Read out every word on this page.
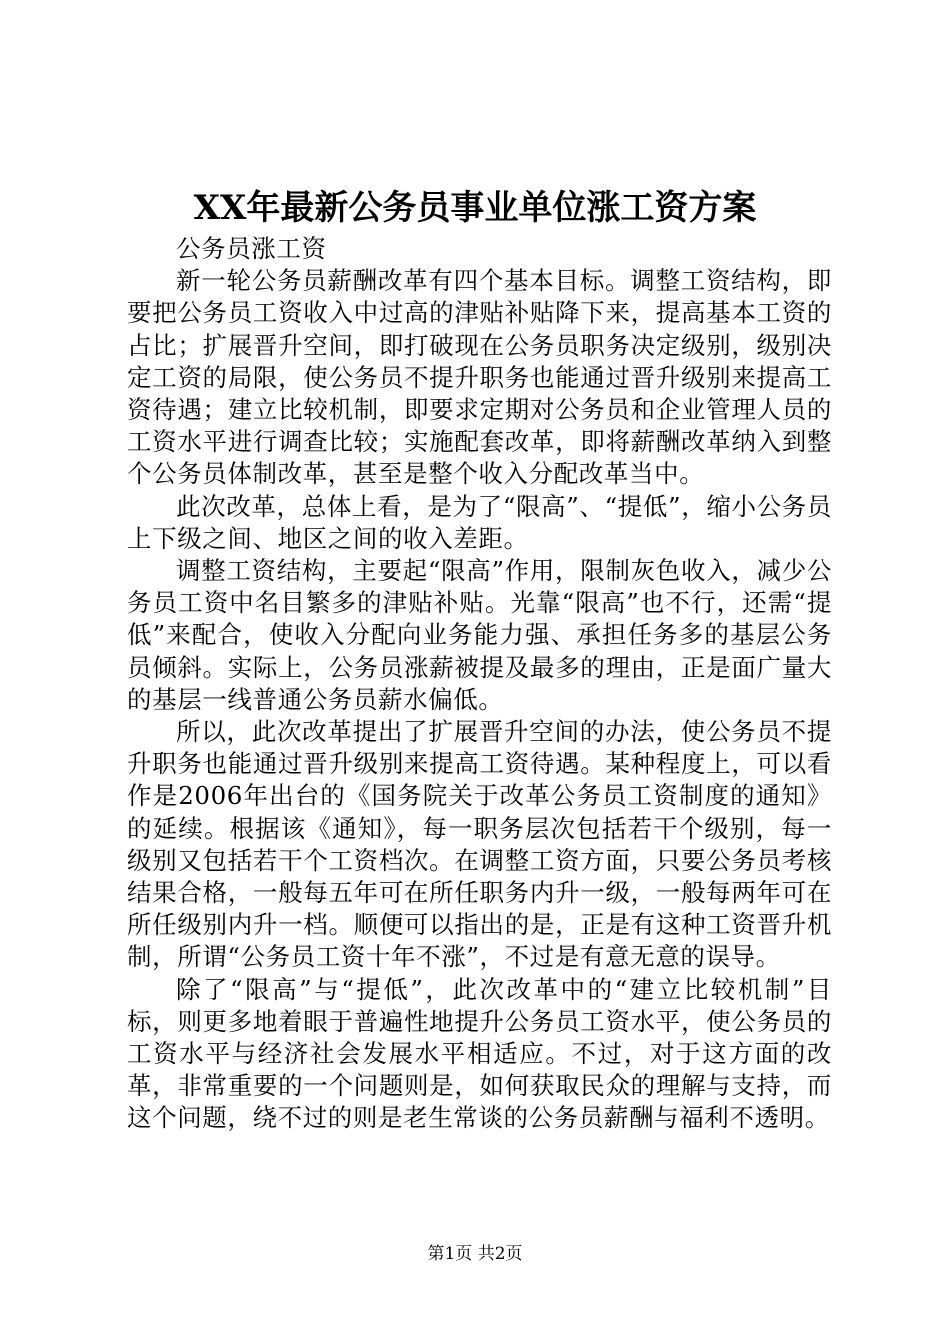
XX年最新公务员事业单位涨工资方案

公务员涨工资

新一轮公务员薪酬改革有四个基本目标。调整工资结构，即要把公务员工资收入中过高的津贴补贴降下来，提高基本工资的占比；扩展晋升空间，即打破现在公务员职务决定级别，级别决定工资的局限，使公务员不提升职务也能通过晋升级别来提高工资待遇；建立比较机制，即要求定期对公务员和企业管理人员的工资水平进行调查比较；实施配套改革，即将薪酬改革纳入到整个公务员体制改革，甚至是整个收入分配改革当中。

此次改革，总体上看，是为了“限高”、“提低”，缩小公务员上下级之间、地区之间的收入差距。

调整工资结构，主要起“限高”作用，限制灰色收入，减少公务员工资中名目繁多的津贴补贴。光靠“限高”也不行，还需“提低”来配合，使收入分配向业务能力强、承担任务多的基层公务员倾斜。实际上，公务员涨薪被提及最多的理由，正是面广量大的基层一线普通公务员薪水偏低。

所以，此次改革提出了扩展晋升空间的办法，使公务员不提升职务也能通过晋升级别来提高工资待遇。某种程度上，可以看作是2006年出台的《国务院关于改革公务员工资制度的通知》的延续。根据该《通知》，每一职务层次包括若干个级别，每一级别又包括若干个工资档次。在调整工资方面，只要公务员考核结果合格，一般每五年可在所任职务内升一级，一般每两年可在所任级别内升一档。顺便可以指出的是，正是有这种工资晋升机制，所谓“公务员工资十年不涨”，不过是有意无意的误导。

除了“限高”与“提低”，此次改革中的“建立比较机制”目标，则更多地着眼于普遍性地提升公务员工资水平，使公务员的工资水平与经济社会发展水平相适应。不过，对于这方面的改革，非常重要的一个问题则是，如何获取民众的理解与支持，而这个问题，绕不过的则是老生常谈的公务员薪酬与福利不透明。

第1页 共2页
